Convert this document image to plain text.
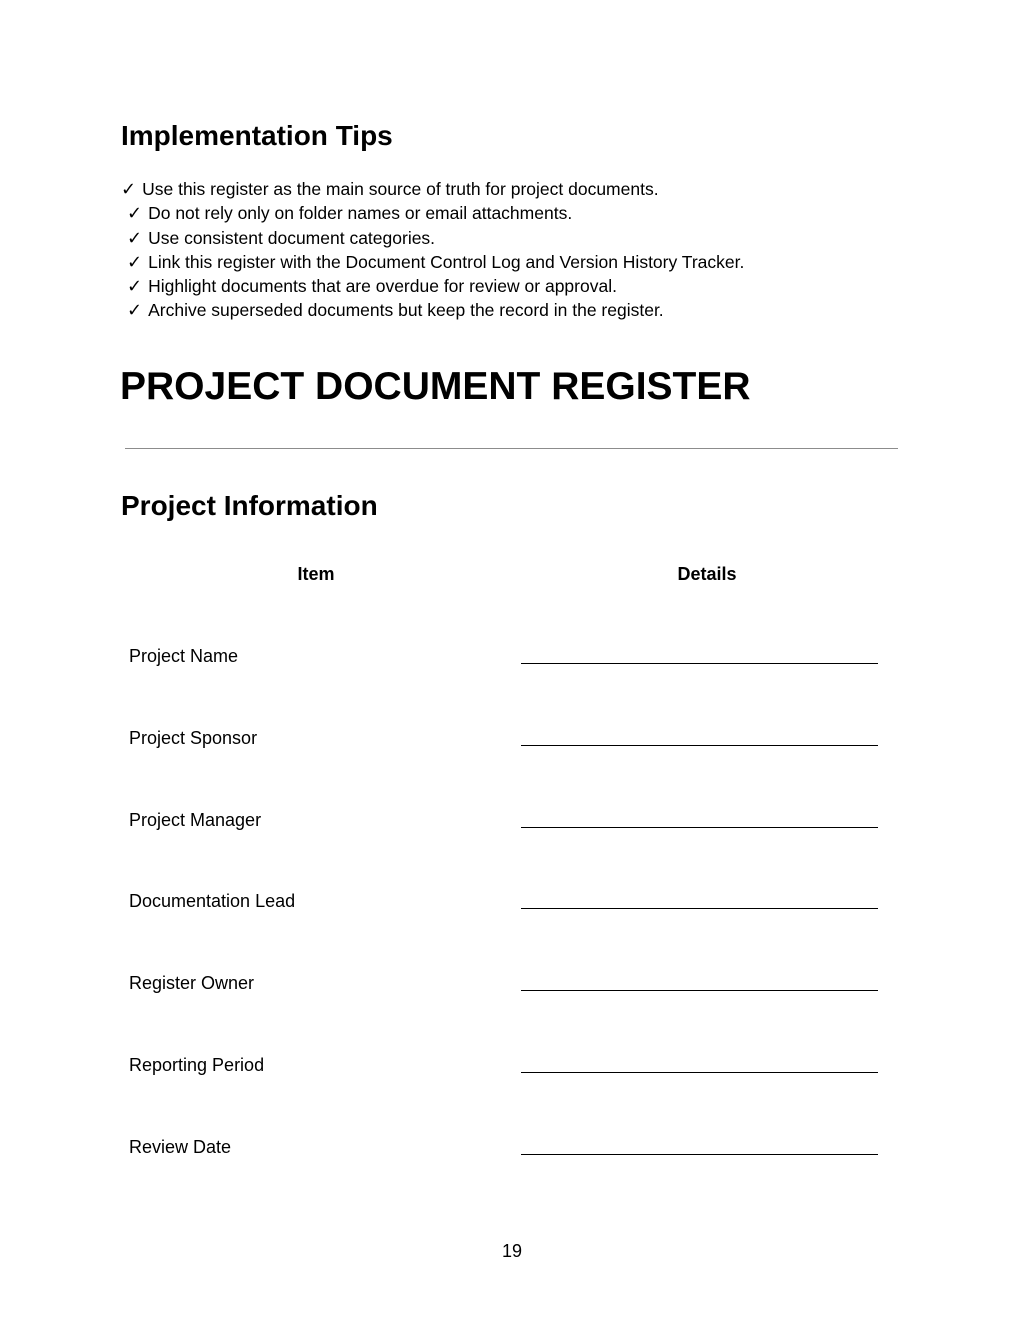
Implementation Tips
✓ Use this register as the main source of truth for project documents.
✓ Do not rely only on folder names or email attachments.
✓ Use consistent document categories.
✓ Link this register with the Document Control Log and Version History Tracker.
✓ Highlight documents that are overdue for review or approval.
✓ Archive superseded documents but keep the record in the register.
PROJECT DOCUMENT REGISTER
Project Information
Item	Details
Project Name
Project Sponsor
Project Manager
Documentation Lead
Register Owner
Reporting Period
Review Date
19
